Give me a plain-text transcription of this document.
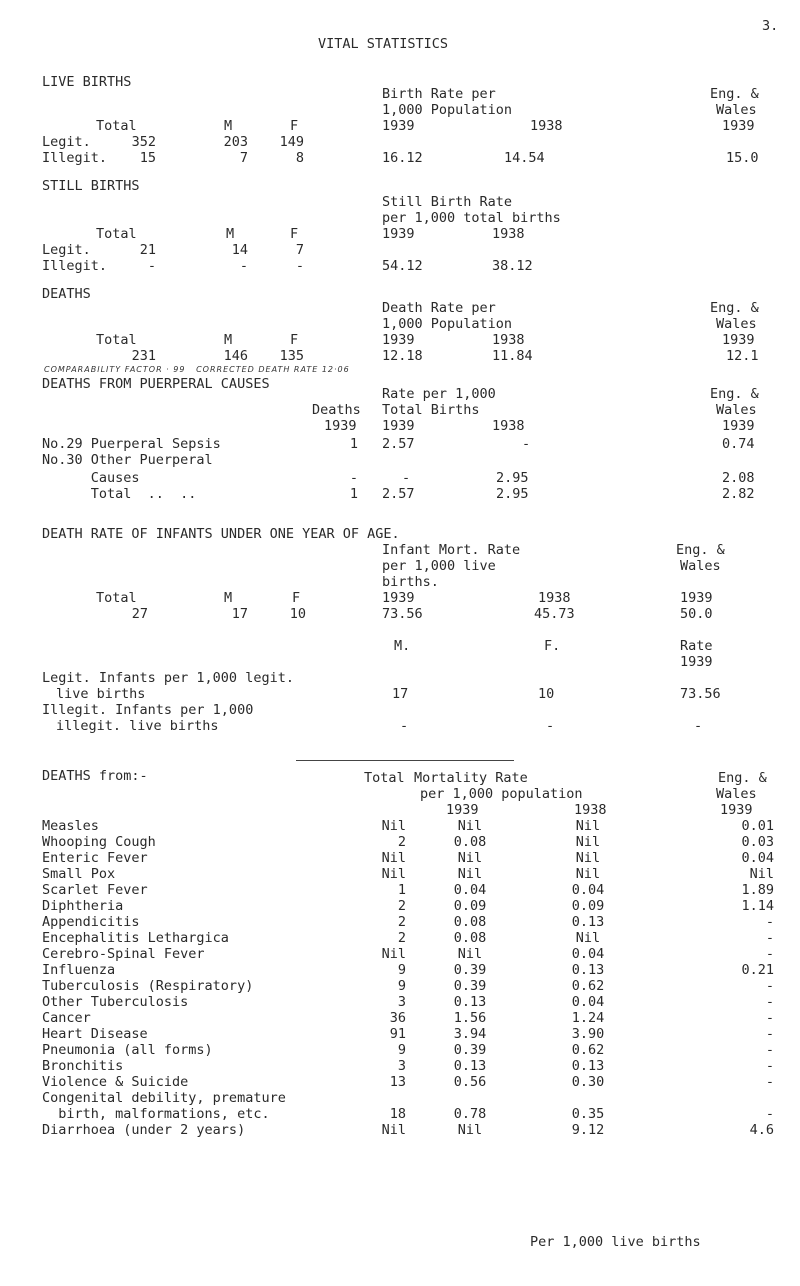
VITAL STATISTICS
3.
LIVE BIRTHS
Birth Rate per
1,000 Population
Eng. &
Wales
Total	M	F	1939	1938	1939
Legit.	352	203	149
Illegit.	15	7	8	16.12	14.54	15.0
STILL BIRTHS
Still Birth Rate
per 1,000 total births
Total	M	F	1939	1938
Legit.	21	14	7
Illegit.	-	-	-	54.12	38.12
DEATHS
Death Rate per
1,000 Population
Eng. &
Wales
Total	M	F	1939	1938	1939
231	146	135	12.18	11.84	12.1
COMPARABILITY FACTOR · 99   CORRECTED DEATH RATE 12·06
DEATHS FROM PUERPERAL CAUSES
Rate per 1,000
Total Births
Deaths
1939 1939	1938
Eng. &
Wales
1939
No.29 Puerperal Sepsis	1 2.57	-	0.74
No.30 Other Puerperal
Causes	-	-	2.95	2.08
Total  ..  ..	1 2.57	2.95	2.82
DEATH RATE OF INFANTS UNDER ONE YEAR OF AGE.
Infant Mort. Rate
per 1,000 live
births.
Eng. &
Wales
Total	M	F	1939	1938	1939
27	17	10	73.56	45.73	50.0
M.	F.	Rate
1939
Legit. Infants per 1,000 legit.
live births	17	10	73.56
Illegit. Infants per 1,000
illegit. live births	-	-	-
DEATHS from:-	Total Mortality Rate
per 1,000 population
Eng. &
Wales
1939	1938	1939
Measles	Nil	Nil	Nil	0.01
Whooping Cough	2	0.08	Nil	0.03
Enteric Fever	Nil	Nil	Nil	0.04
Small Pox	Nil	Nil	Nil	Nil
Scarlet Fever	1	0.04	0.04	1.89
Diphtheria	2	0.09	0.09	1.14
Appendicitis	2	0.08	0.13	-
Encephalitis Lethargica	2	0.08	Nil	-
Cerebro-Spinal Fever	Nil	Nil	0.04	-
Influenza	9	0.39	0.13	0.21
Tuberculosis (Respiratory)	9	0.39	0.62	-
Other Tuberculosis	3	0.13	0.04	-
Cancer	36	1.56	1.24	-
Heart Disease	91	3.94	3.90	-
Pneumonia (all forms)	9	0.39	0.62	-
Bronchitis	3	0.13	0.13	-
Violence & Suicide	13	0.56	0.30	-
Congenital debility, premature
birth, malformations, etc.	18	0.78	0.35	-
Diarrhoea (under 2 years)	Nil	Nil	9.12	4.6
Per 1,000 live births
